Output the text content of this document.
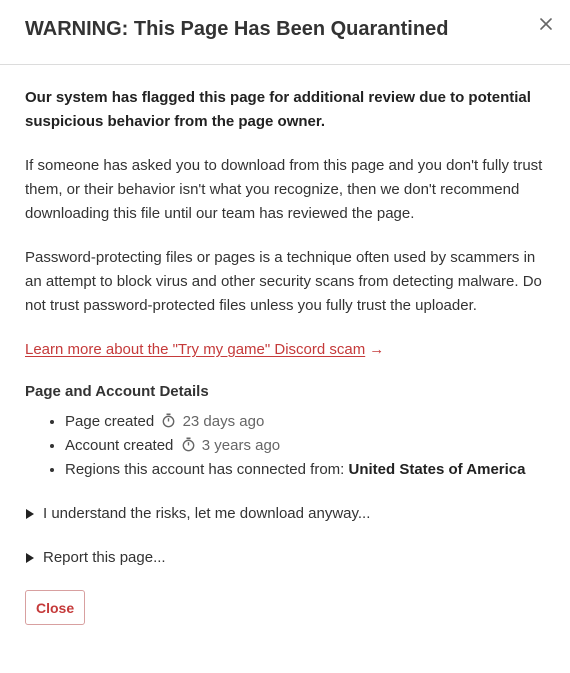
WARNING: This Page Has Been Quarantined

Our system has flagged this page for additional review due to potential suspicious behavior from the page owner.

If someone has asked you to download from this page and you don't fully trust them, or their behavior isn't what you recognize, then we don't recommend downloading this file until our team has reviewed the page.

Password-protecting files or pages is a technique often used by scammers in an attempt to block virus and other security scans from detecting malware. Do not trust password-protected files unless you fully trust the uploader.

Learn more about the "Try my game" Discord scam →

Page and Account Details

• Page created 23 days ago
• Account created 3 years ago
• Regions this account has connected from: United States of America
I understand the risks, let me download anyway...
Report this page...
Close
